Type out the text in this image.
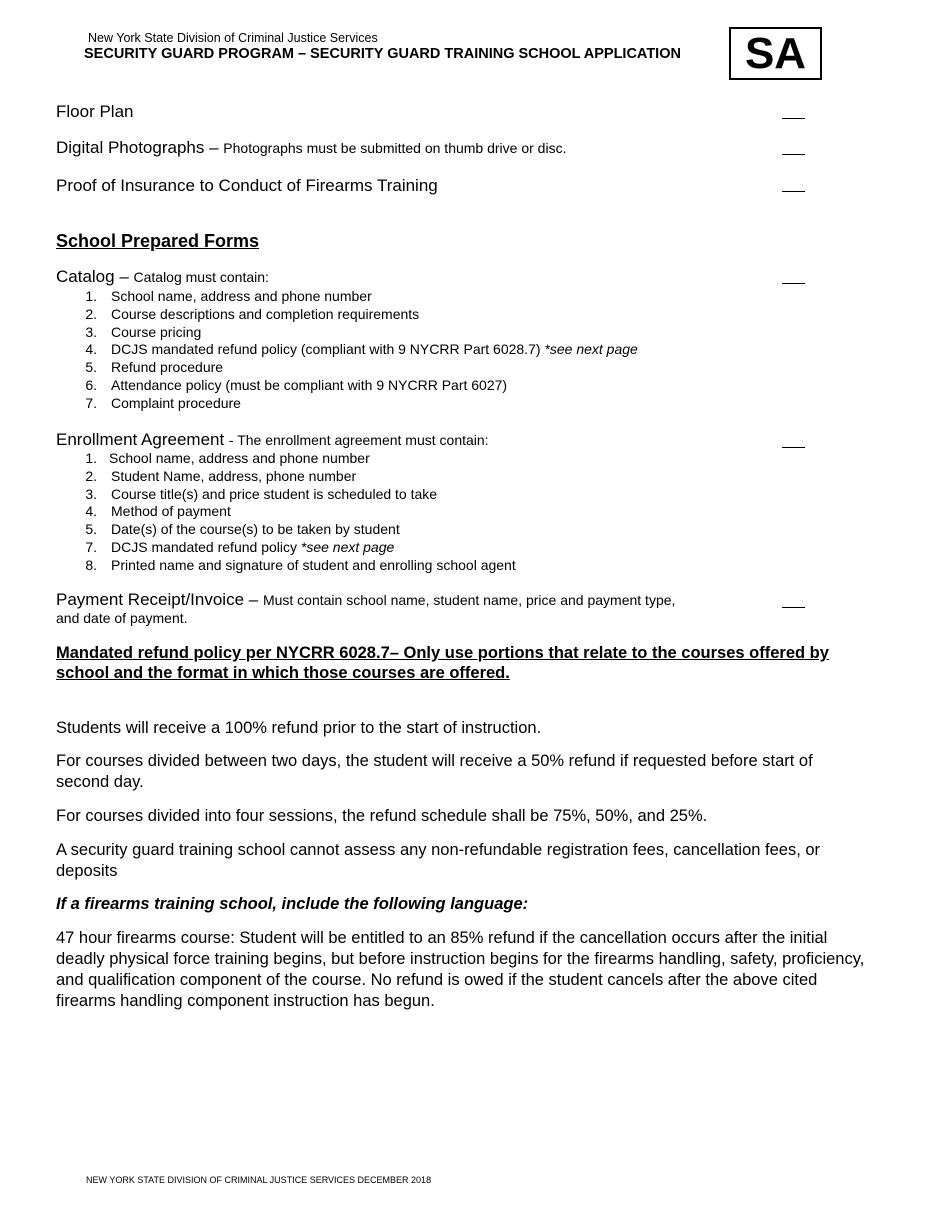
New York State Division of Criminal Justice Services
SECURITY GUARD PROGRAM – SECURITY GUARD TRAINING SCHOOL APPLICATION	SA
Floor Plan
Digital Photographs – Photographs must be submitted on thumb drive or disc.
Proof of Insurance to Conduct of Firearms Training
School Prepared Forms
Catalog – Catalog must contain:
1. School name, address and phone number
2. Course descriptions and completion requirements
3. Course pricing
4. DCJS mandated refund policy (compliant with 9 NYCRR Part 6028.7) *see next page
5. Refund procedure
6. Attendance policy (must be compliant with 9 NYCRR Part 6027)
7. Complaint procedure
Enrollment Agreement - The enrollment agreement must contain:
1. School name, address and phone number
2. Student Name, address, phone number
3. Course title(s) and price student is scheduled to take
4. Method of payment
5. Date(s) of the course(s) to be taken by student
7. DCJS mandated refund policy *see next page
8. Printed name and signature of student and enrolling school agent
Payment Receipt/Invoice – Must contain school name, student name, price and payment type, and date of payment.
Mandated refund policy per NYCRR 6028.7– Only use portions that relate to the courses offered by school and the format in which those courses are offered.
Students will receive a 100% refund prior to the start of instruction.
For courses divided between two days, the student will receive a 50% refund if requested before start of second day.
For courses divided into four sessions, the refund schedule shall be 75%, 50%, and 25%.
A security guard training school cannot assess any non-refundable registration fees, cancellation fees, or deposits
If a firearms training school, include the following language:
47 hour firearms course: Student will be entitled to an 85% refund if the cancellation occurs after the initial deadly physical force training begins, but before instruction begins for the firearms handling, safety, proficiency, and qualification component of the course. No refund is owed if the student cancels after the above cited firearms handling component instruction has begun.
NEW YORK STATE DIVISION OF CRIMINAL JUSTICE SERVICES DECEMBER 2018
